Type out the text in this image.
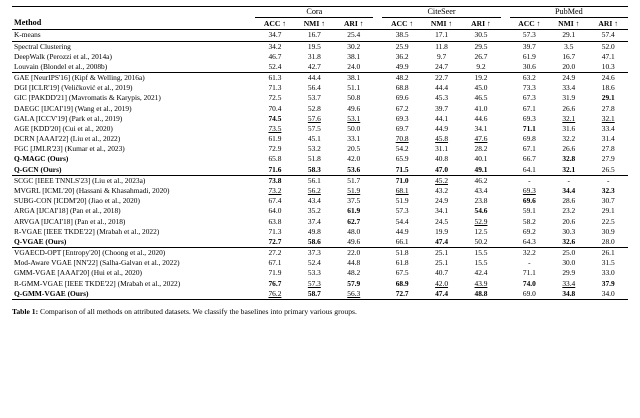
Method	Cora				CiteSeer				PubMed		
	ACC ↑	NMI ↑	ARI ↑		ACC ↑	NMI ↑	ARI ↑		ACC ↑	NMI ↑	ARI ↑
K-means	34.7	16.7	25.4		38.5	17.1	30.5		57.3	29.1	57.4
Spectral Clustering	34.2	19.5	30.2		25.9	11.8	29.5		39.7	3.5	52.0
DeepWalk (Perozzi et al., 2014a)	46.7	31.8	38.1		36.2	9.7	26.7		61.9	16.7	47.1
Louvain (Blondel et al., 2008b)	52.4	42.7	24.0		49.9	24.7	9.2		30.6	20.0	10.3
GAE [NeurIPS'16] (Kipf & Welling, 2016a)	61.3	44.4	38.1		48.2	22.7	19.2		63.2	24.9	24.6
DGI [ICLR'19] (Veličković et al., 2019)	71.3	56.4	51.1		68.8	44.4	45.0		73.3	33.4	18.6
GIC [PAKDD'21] (Mavromatis & Karypis, 2021)	72.5	53.7	50.8		69.6	45.3	46.5		67.3	31.9	29.1
DAEGC [IJCAI'19] (Wang et al., 2019)	70.4	52.8	49.6		67.2	39.7	41.0		67.1	26.6	27.8
GALA [ICCV'19] (Park et al., 2019)	74.5	57.6	53.1		69.3	44.1	44.6		69.3	32.1	32.1
AGE [KDD'20] (Cui et al., 2020)	73.5	57.5	50.0		69.7	44.9	34.1		71.1	31.6	33.4
DCRN [AAAI'22] (Liu et al., 2022)	61.9	45.1	33.1		70.8	45.8	47.6		69.8	32.2	31.4
FGC [JMLR'23] (Kumar et al., 2023)	72.9	53.2	20.5		54.2	31.1	28.2		67.1	26.6	27.8
Q-MAGC (Ours)	65.8	51.8	42.0		65.9	40.8	40.1		66.7	32.8	27.9
Q-GCN (Ours)	71.6	58.3	53.6		71.5	47.0	49.1		64.1	32.1	26.5
SCGC [IEEE TNNLS'23] (Liu et al., 2023a)	73.8	56.1	51.7		71.0	45.2	46.2		-	-	-
MVGRL [ICML'20] (Hassani & Khasahmadi, 2020)	73.2	56.2	51.9		68.1	43.2	43.4		69.3	34.4	32.3
SUBG-CON [ICDM'20] (Jiao et al., 2020)	67.4	43.4	37.5		51.9	24.9	23.8		69.6	28.6	30.7
ARGA [IJCAI'18] (Pan et al., 2018)	64.0	35.2	61.9		57.3	34.1	54.6		59.1	23.2	29.1
ARVGA [IJCAI'18] (Pan et al., 2018)	63.8	37.4	62.7		54.4	24.5	52.9		58.2	20.6	22.5
R-VGAE [IEEE TKDE'22] (Mrabah et al., 2022)	71.3	49.8	48.0		44.9	19.9	12.5		69.2	30.3	30.9
Q-VGAE (Ours)	72.7	58.6	49.6		66.1	47.4	50.2		64.3	32.6	28.0
VGAECD-OPT [Entropy'20] (Choong et al., 2020)	27.2	37.3	22.0		51.8	25.1	15.5		32.2	25.0	26.1
Mod-Aware VGAE [NN'22] (Salha-Galvan et al., 2022)	67.1	52.4	44.8		61.8	25.1	15.5		-	30.0	31.5
GMM-VGAE [AAAI'20] (Hui et al., 2020)	71.9	53.3	48.2		67.5	40.7	42.4		71.1	29.9	33.0
R-GMM-VGAE [IEEE TKDE'22] (Mrabah et al., 2022)	76.7	57.3	57.9		68.9	42.0	43.9		74.0	33.4	37.9
Q-GMM-VGAE (Ours)	76.2	58.7	56.3		72.7	47.4	48.8		69.0	34.8	34.0

Table 1: Comparison of all methods on attributed datasets. We classify the baselines into primary various groups.
